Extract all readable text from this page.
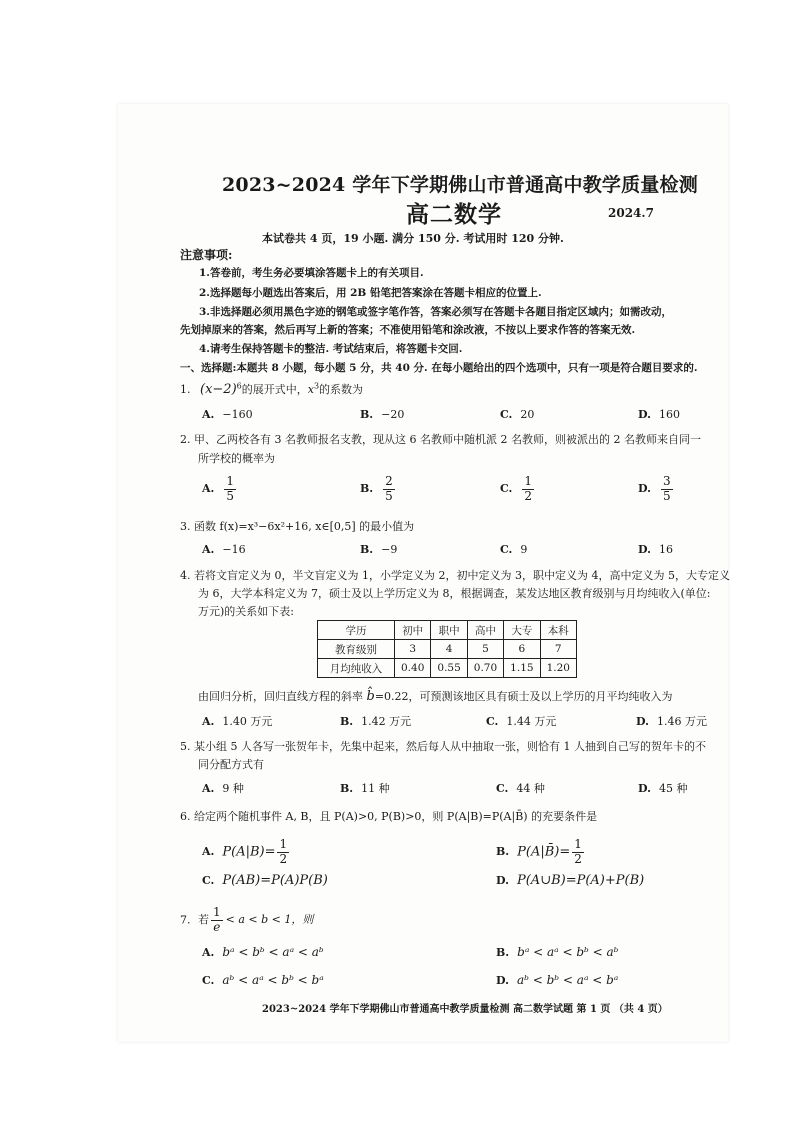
2023~2024 学年下学期佛山市普通高中教学质量检测
高二数学	2024.7
本试卷共 4 页，19 小题. 满分 150 分. 考试用时 120 分钟.
注意事项:
1.答卷前，考生务必要填涂答题卡上的有关项目.
2.选择题每小题选出答案后，用 2B 铅笔把答案涂在答题卡相应的位置上.
3.非选择题必须用黑色字迹的钢笔或签字笔作答，答案必须写在答题卡各题目指定区域内；如需改动，
先划掉原来的答案，然后再写上新的答案；不准使用铅笔和涂改液，不按以上要求作答的答案无效.
4.请考生保持答题卡的整洁. 考试结束后，将答题卡交回.
一、选择题:本题共 8 小题，每小题 5 分，共 40 分. 在每小题给出的四个选项中，只有一项是符合题目要求的.
1. $(x-2)^6$的展开式中，$x^3$的系数为
A. −160	B. −20	C. 20	D. 160
2. 甲、乙两校各有 3 名教师报名支教，现从这 6 名教师中随机派 2 名教师，则被派出的 2 名教师来自同一
所学校的概率为
A. $\frac{1}{5}$	B. $\frac{2}{5}$	C. $\frac{1}{2}$	D. $\frac{3}{5}$
3. 函数 f(x)=x³−6x²+16, x∈[0,5] 的最小值为
A. −16	B. −9	C. 9	D. 16
4. 若将文盲定义为 0，半文盲定义为 1，小学定义为 2，初中定义为 3，职中定义为 4，高中定义为 5，大专定义
为 6，大学本科定义为 7，硕士及以上学历定义为 8，根据调查，某发达地区教育级别与月均纯收入(单位:
万元)的关系如下表:
学历	初中	职中	高中	大专	本科
教育级别	3	4	5	6	7
月均纯收入	0.40	0.55	0.70	1.15	1.20
由回归分析，回归直线方程的斜率 b̂=0.22，可预测该地区具有硕士及以上学历的月平均纯收入为
A. 1.40 万元	B. 1.42 万元	C. 1.44 万元	D. 1.46 万元
5. 某小组 5 人各写一张贺年卡，先集中起来，然后每人从中抽取一张，则恰有 1 人抽到自己写的贺年卡的不
同分配方式有
A. 9 种	B. 11 种	C. 44 种	D. 45 种
6. 给定两个随机事件 A, B，且 P(A)>0, P(B)>0，则 P(A|B)=P(A|B̄) 的充要条件是
A. $P(A|B)= \frac{1}{2}$	B. P(A|B̄)= $\frac{1}{2}$
C. P(AB)=P(A)P(B)	D. P(A∪B)=P(A)+P(B)
7. 若 $\frac{1}{e} < a < b < 1$，则
A. bᵃ < bᵇ < aᵃ < aᵇ	B. bᵃ < aᵃ < bᵇ < aᵇ
C. aᵇ < aᵃ < bᵇ < bᵃ	D. aᵇ < bᵇ < aᵃ < bᵃ
2023~2024 学年下学期佛山市普通高中教学质量检测 高二数学试题 第 1 页 （共 4 页）
